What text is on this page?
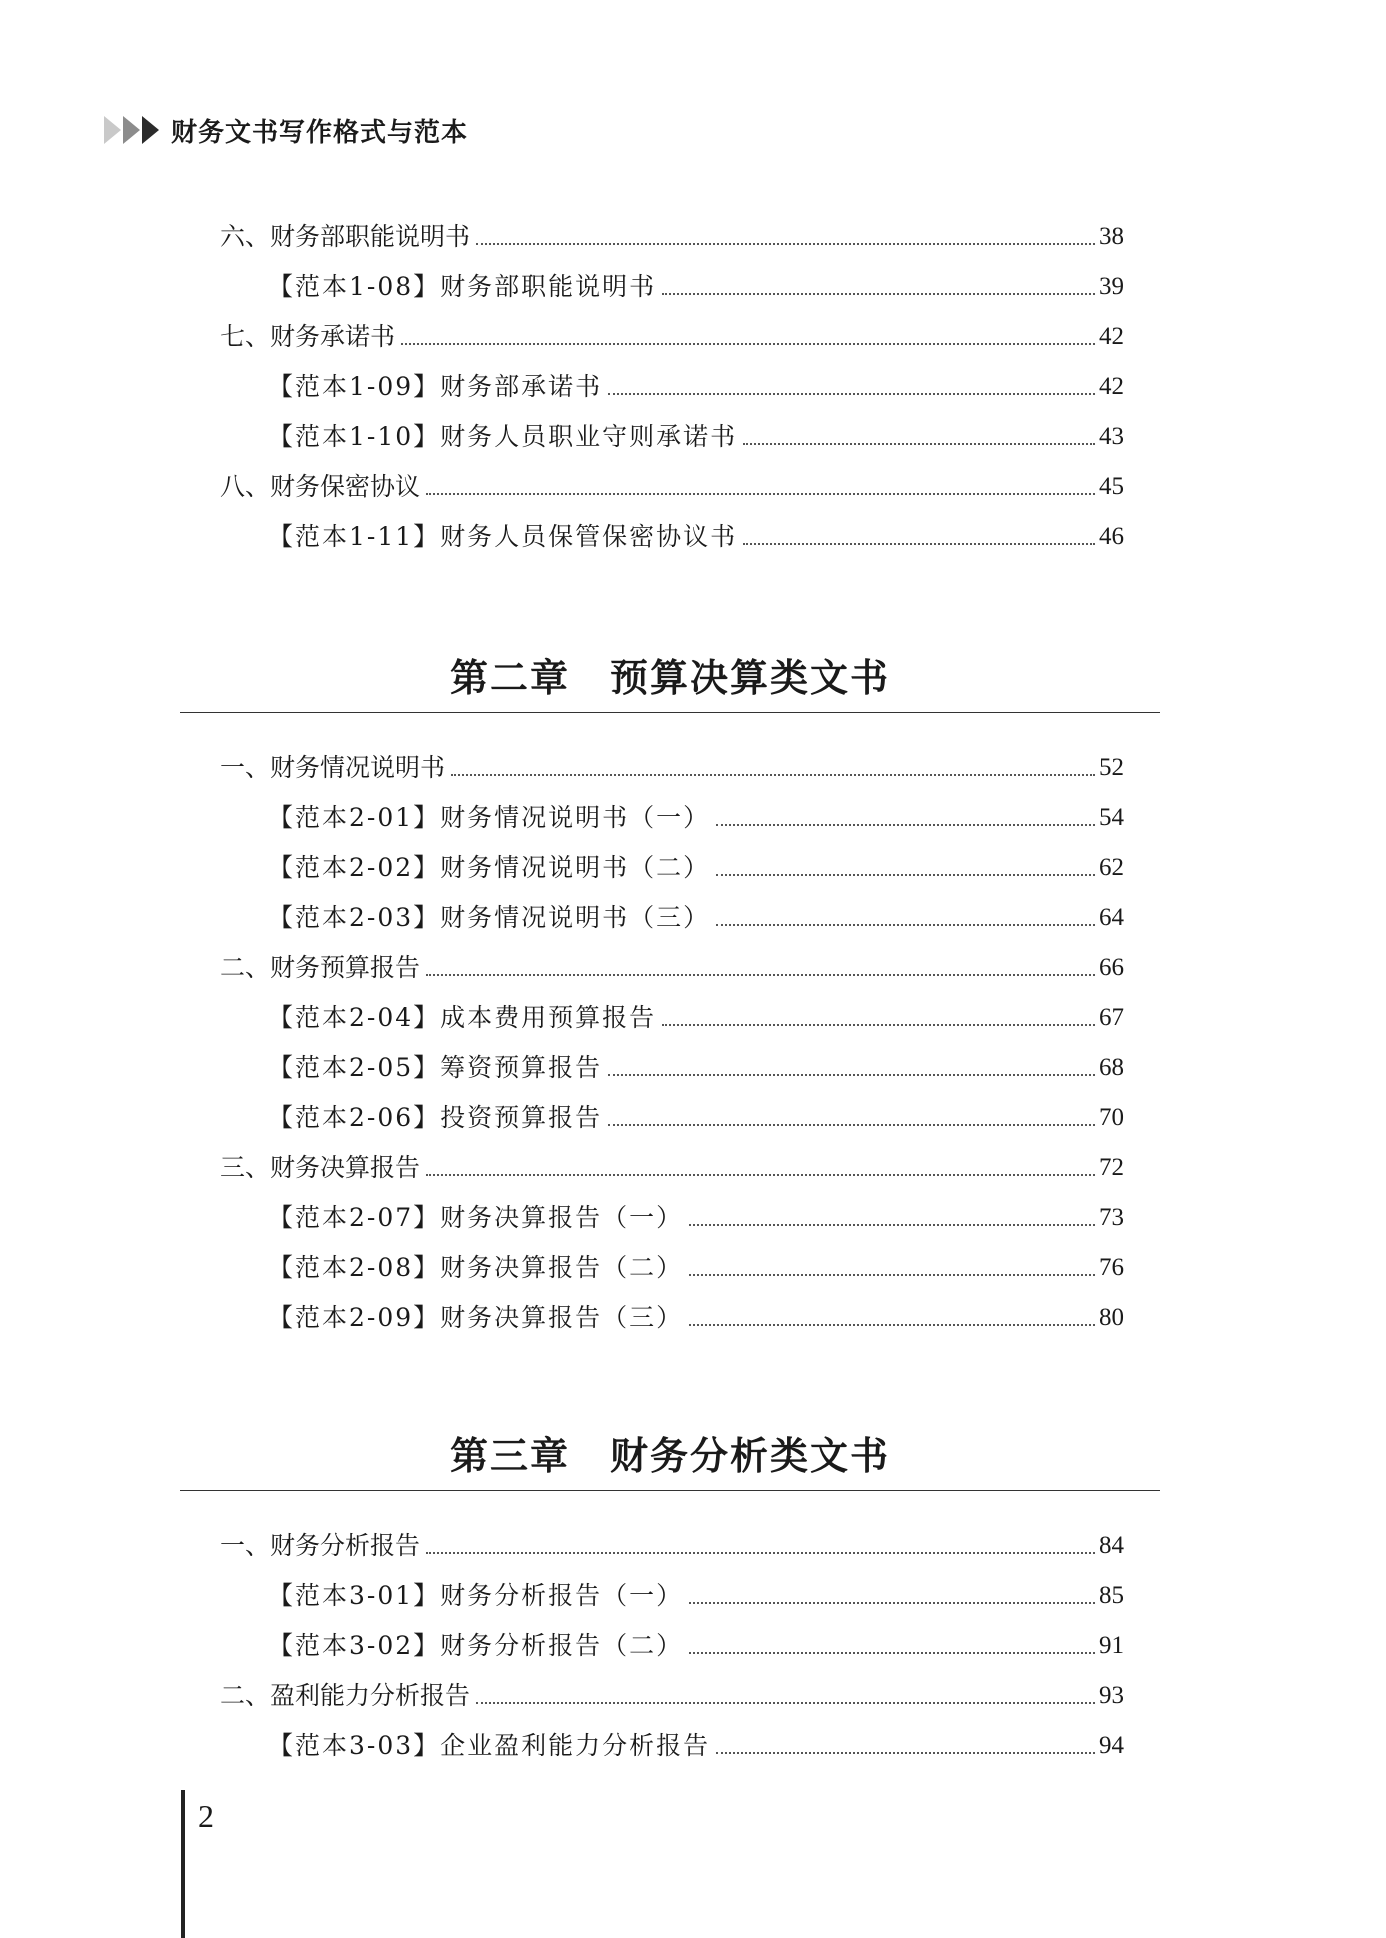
财务文书写作格式与范本
六、财务部职能说明书	38
【范本1-08】财务部职能说明书	39
七、财务承诺书	42
【范本1-09】财务部承诺书	42
【范本1-10】财务人员职业守则承诺书	43
八、财务保密协议	45
【范本1-11】财务人员保管保密协议书	46
第二章　预算决算类文书
一、财务情况说明书	52
【范本2-01】财务情况说明书（一）	54
【范本2-02】财务情况说明书（二）	62
【范本2-03】财务情况说明书（三）	64
二、财务预算报告	66
【范本2-04】成本费用预算报告	67
【范本2-05】筹资预算报告	68
【范本2-06】投资预算报告	70
三、财务决算报告	72
【范本2-07】财务决算报告（一）	73
【范本2-08】财务决算报告（二）	76
【范本2-09】财务决算报告（三）	80
第三章　财务分析类文书
一、财务分析报告	84
【范本3-01】财务分析报告（一）	85
【范本3-02】财务分析报告（二）	91
二、盈利能力分析报告	93
【范本3-03】企业盈利能力分析报告	94
2
